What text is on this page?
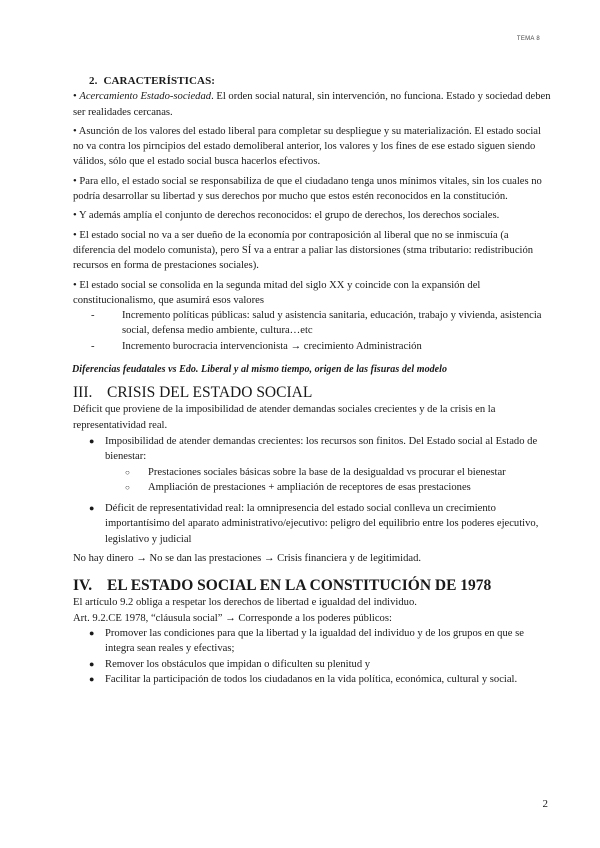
TEMA 8
2. CARACTERÍSTICAS:

• Acercamiento Estado-sociedad. El orden social natural, sin intervención, no funciona. Estado y sociedad deben ser realidades cercanas.

• Asunción de los valores del estado liberal para completar su despliegue y su materialización. El estado social no va contra los pirncipios del estado demoliberal anterior, los valores y los fines de ese estado siguen siendo válidos, sólo que el estado social busca hacerlos efectivos.

• Para ello, el estado social se responsabiliza de que el ciudadano tenga unos mínimos vitales, sin los cuales no podría desarrollar su libertad y sus derechos por mucho que estos estén reconocidos en la constitución.

• Y además amplía el conjunto de derechos reconocidos: el grupo de derechos, los derechos sociales.

• El estado social no va a ser dueño de la economía por contraposición al liberal que no se inmiscuía (a diferencia del modelo comunista), pero SÍ va a entrar a paliar las distorsiones (stma tributario: redistribución recursos en forma de prestaciones sociales).

• El estado social se consolida en la segunda mitad del siglo XX y coincide con la expansión del constitucionalismo, que asumirá esos valores

-	Incremento políticas públicas: salud y asistencia sanitaria, educación, trabajo y vivienda, asistencia social, defensa medio ambiente, cultura…etc
-	Incremento burocracia intervencionista → crecimiento Administración
Diferencias feudatales vs Edo. Liberal y al mismo tiempo, origen de las fisuras del modelo
III. CRISIS DEL ESTADO SOCIAL

Déficit que proviene de la imposibilidad de atender demandas sociales crecientes y de la crisis en la representatividad real.

● Imposibilidad de atender demandas crecientes: los recursos son finitos. Del Estado social al Estado de bienestar:
○ Prestaciones sociales básicas sobre la base de la desigualdad vs procurar el bienestar
○ Ampliación de prestaciones + ampliación de receptores de esas prestaciones
● Déficit de representatividad real: la omnipresencia del estado social conlleva un crecimiento importantísimo del aparato administrativo/ejecutivo: peligro del equilibrio entre los poderes ejecutivo, legislativo y judicial

No hay dinero → No se dan las prestaciones → Crisis financiera y de legitimidad.

IV. EL ESTADO SOCIAL EN LA CONSTITUCIÓN DE 1978

El artículo 9.2 obliga a respetar los derechos de libertad e igualdad del individuo.

Art. 9.2.CE 1978, “cláusula social” → Corresponde a los poderes públicos:

● Promover las condiciones para que la libertad y la igualdad del individuo y de los grupos en que se integra sean reales y efectivas;
● Remover los obstáculos que impidan o dificulten su plenitud y
● Facilitar la participación de todos los ciudadanos en la vida política, económica, cultural y social.
2
